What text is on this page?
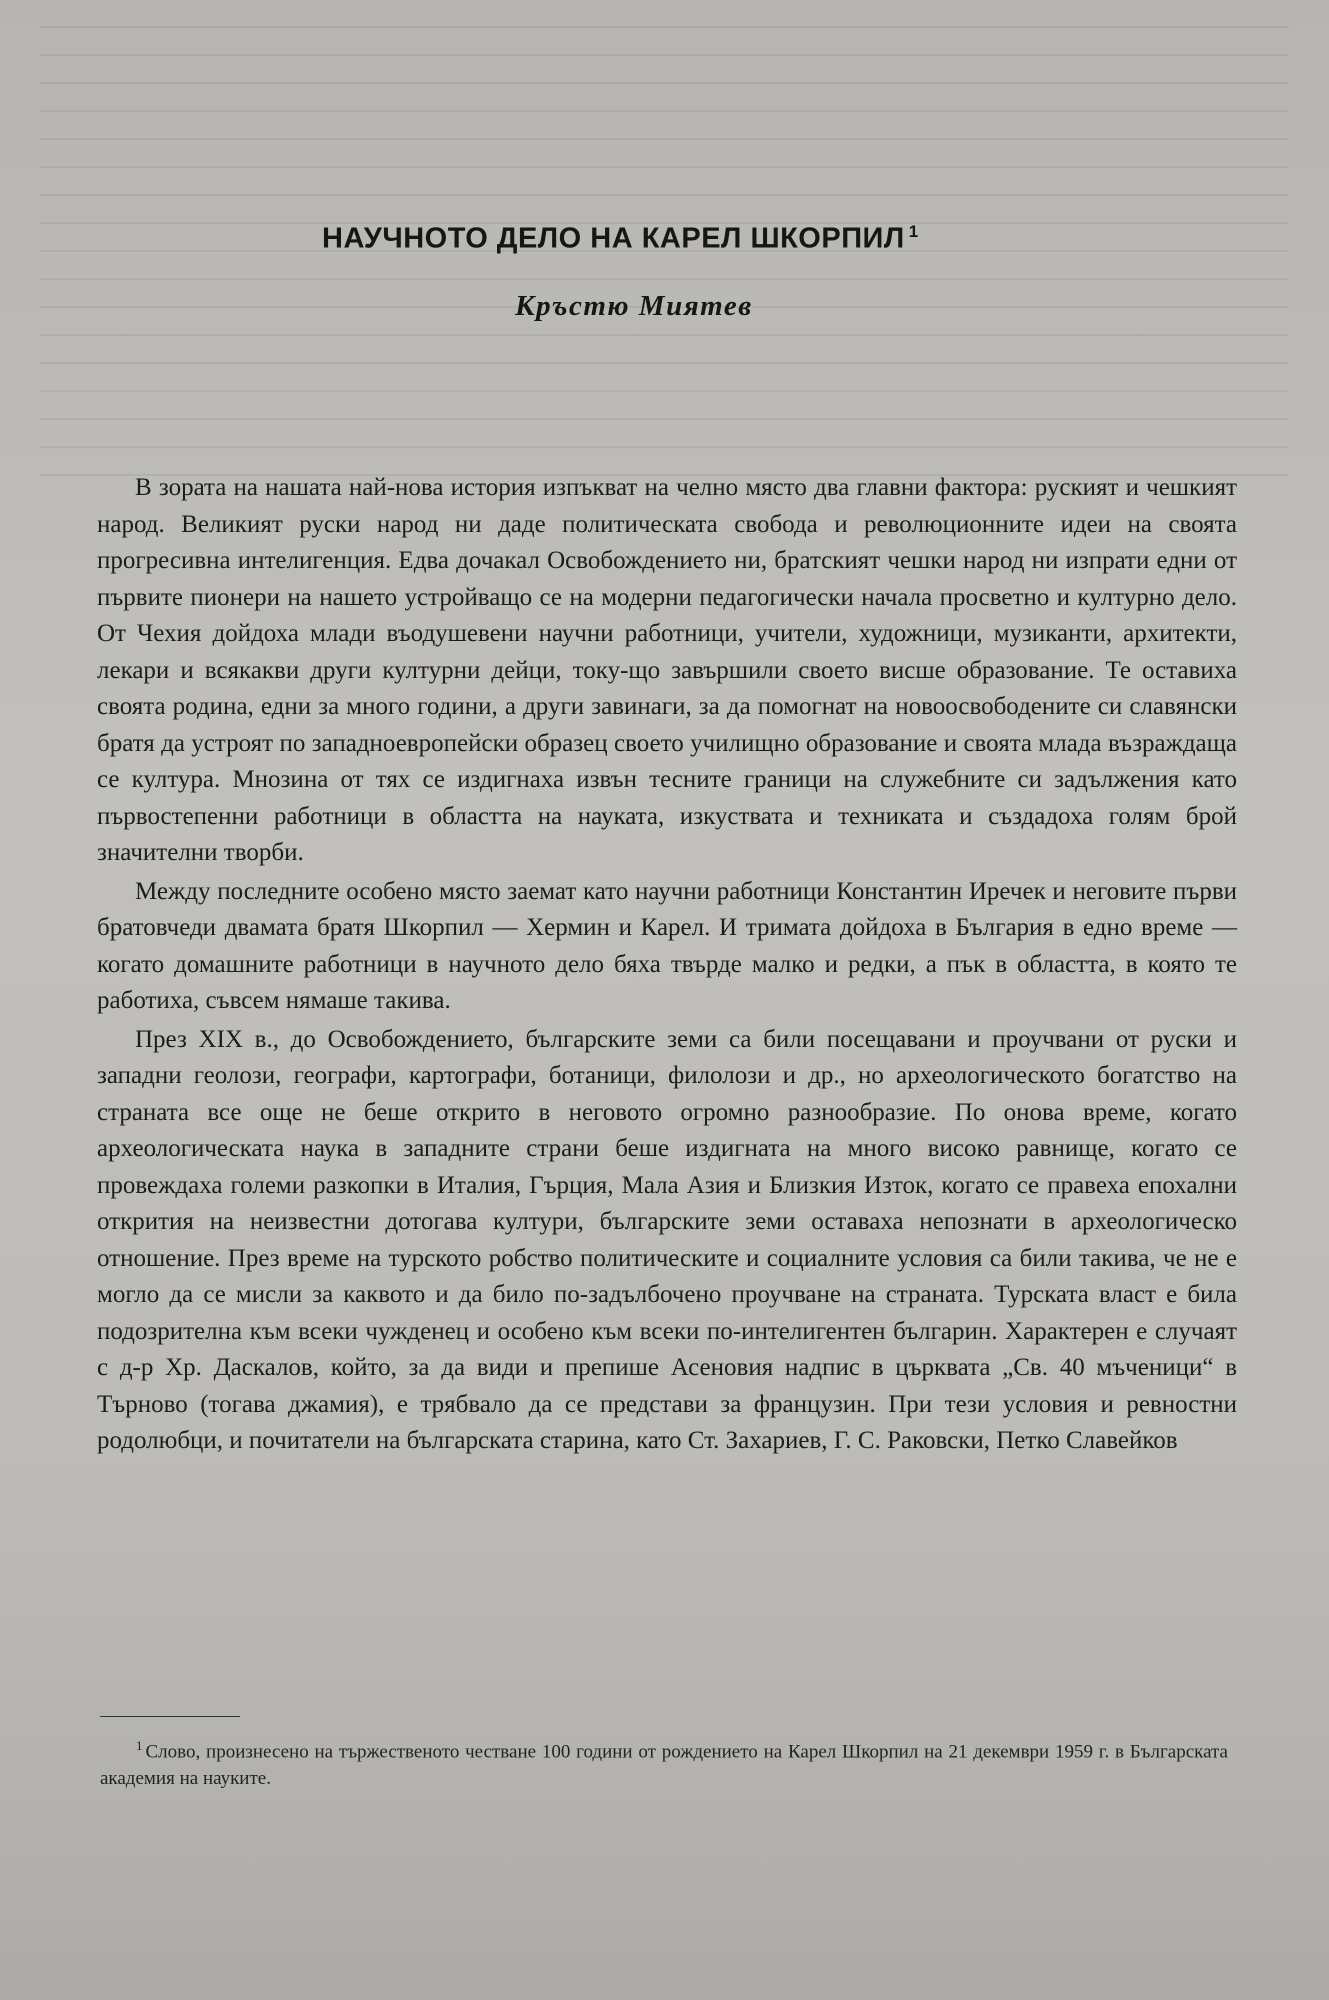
НАУЧНОТО ДЕЛО НА КАРЕЛ ШКОРПИЛ $^1$
Кръстю Миятев

В зората на нашата най-нова история изпъкват на челно място два главни фактора: руският и чешкият народ. Великият руски народ ни даде политическата свобода и революционните идеи на своята прогресивна интелигенция. Едва дочакал Освобождението ни, братският чешки народ ни изпрати едни от първите пионери на нашето устройващо се на модерни педагогически начала просветно и културно дело. От Чехия дойдоха млади въодушевени научни работници, учители, художници, музиканти, архитекти, лекари и всякакви други културни дейци, току-що завършили своето висше образование. Те оставиха своята родина, едни за много години, а други завинаги, за да помогнат на новоосвободените си славянски братя да устроят по западноевропейски образец своето училищно образование и своята млада възраждаща се култура. Мнозина от тях се издигнаха извън тесните граници на служебните си задължения като първостепенни работници в областта на науката, изкуствата и техниката и създадоха голям брой значителни творби.

Между последните особено място заемат като научни работници Константин Иречек и неговите първи братовчеди двамата братя Шкорпил — Хермин и Карел. И тримата дойдоха в България в едно време — когато домашните работници в научното дело бяха твърде малко и редки, а пък в областта, в която те работиха, съвсем нямаше такива.

През XIX в., до Освобождението, българските земи са били посещавани и проучвани от руски и западни геолози, географи, картографи, ботаници, филолози и др., но археологическото богатство на страната все още не беше открито в неговото огромно разнообразие. По онова време, когато археологическата наука в западните страни беше издигната на много високо равнище, когато се провеждаха големи разкопки в Италия, Гърция, Мала Азия и Близкия Изток, когато се правеха епохални открития на неизвестни дотогава култури, българските земи оставаха непознати в археологическо отношение. През време на турското робство политическите и социалните условия са били такива, че не е могло да се мисли за каквото и да било по-задълбочено проучване на страната. Турската власт е била подозрителна към всеки чужденец и особено към всеки по-интелигентен българин. Характерен е случаят с д-р Хр. Даскалов, който, за да види и препише Асеновия надпис в църквата „Св. 40 мъченици“ в Търново (тогава джамия), е трябвало да се представи за французин. При тези условия и ревностни родолюбци, и почитатели на българската старина, като Ст. Захариев, Г. С. Раковски, Петко Славейков

$^1$ Слово, произнесено на тържественото честване 100 години от рождението на Карел Шкорпил на 21 декември 1959 г. в Българската академия на науките.
